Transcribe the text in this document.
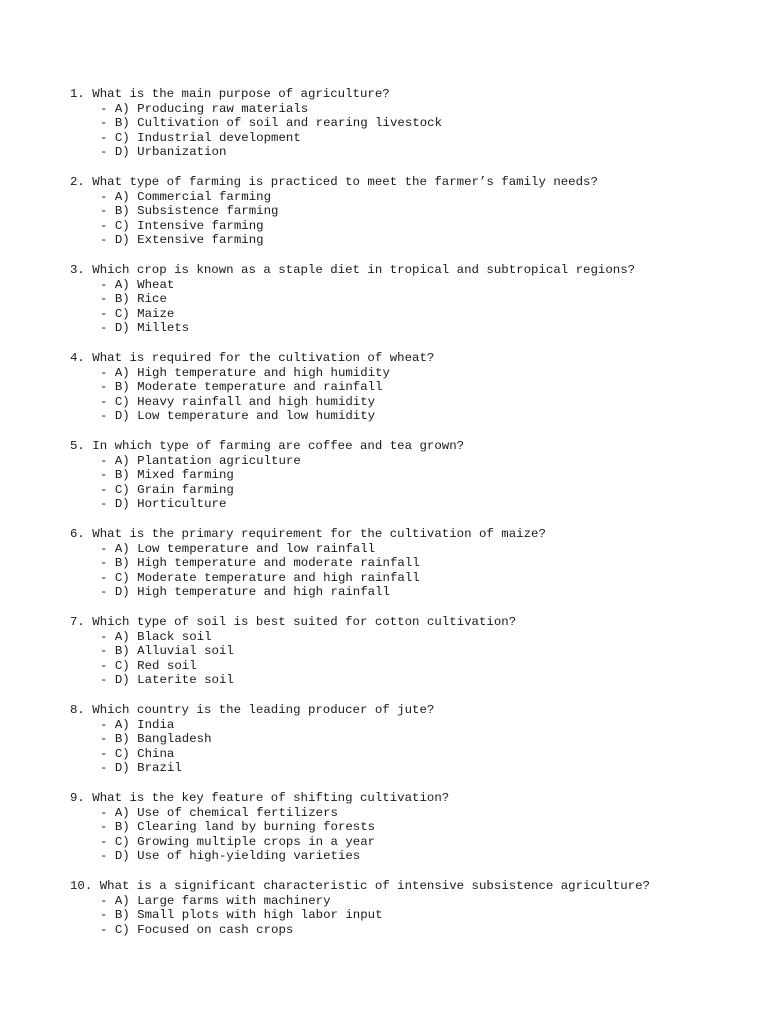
1. What is the main purpose of agriculture?
- A) Producing raw materials
- B) Cultivation of soil and rearing livestock
- C) Industrial development
- D) Urbanization
2. What type of farming is practiced to meet the farmer’s family needs?
- A) Commercial farming
- B) Subsistence farming
- C) Intensive farming
- D) Extensive farming
3. Which crop is known as a staple diet in tropical and subtropical regions?
- A) Wheat
- B) Rice
- C) Maize
- D) Millets
4. What is required for the cultivation of wheat?
- A) High temperature and high humidity
- B) Moderate temperature and rainfall
- C) Heavy rainfall and high humidity
- D) Low temperature and low humidity
5. In which type of farming are coffee and tea grown?
- A) Plantation agriculture
- B) Mixed farming
- C) Grain farming
- D) Horticulture
6. What is the primary requirement for the cultivation of maize?
- A) Low temperature and low rainfall
- B) High temperature and moderate rainfall
- C) Moderate temperature and high rainfall
- D) High temperature and high rainfall
7. Which type of soil is best suited for cotton cultivation?
- A) Black soil
- B) Alluvial soil
- C) Red soil
- D) Laterite soil
8. Which country is the leading producer of jute?
- A) India
- B) Bangladesh
- C) China
- D) Brazil
9. What is the key feature of shifting cultivation?
- A) Use of chemical fertilizers
- B) Clearing land by burning forests
- C) Growing multiple crops in a year
- D) Use of high-yielding varieties
10. What is a significant characteristic of intensive subsistence agriculture?
- A) Large farms with machinery
- B) Small plots with high labor input
- C) Focused on cash crops
